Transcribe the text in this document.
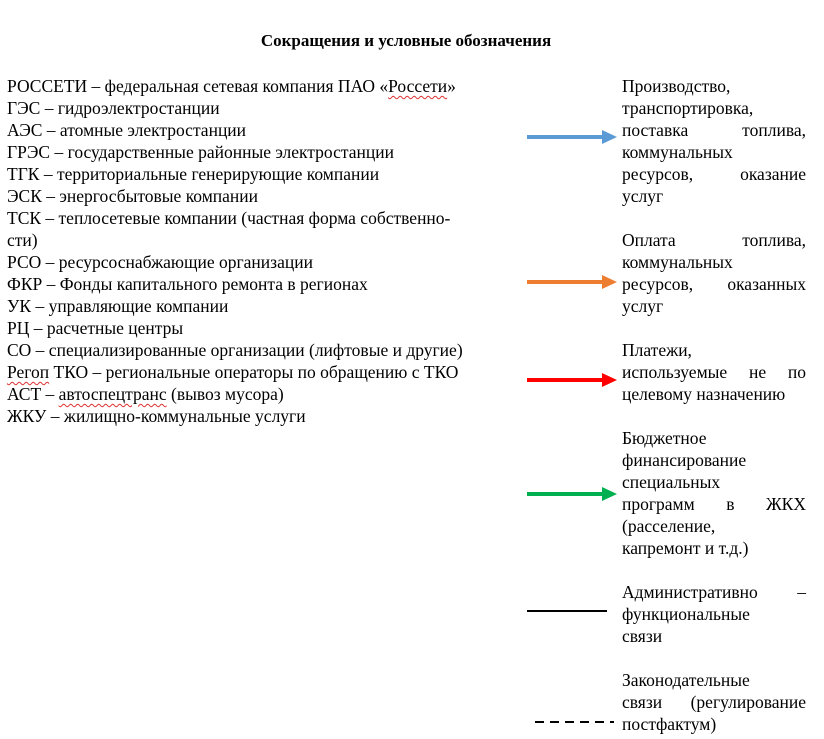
Сокращения и условные обозначения
РОССЕТИ – федеральная сетевая компания ПАО «Россети»
ГЭС – гидроэлектростанции
АЭС – атомные электростанции
ГРЭС – государственные районные электростанции
ТГК – территориальные генерирующие компании
ЭСК – энергосбытовые компании
ТСК – теплосетевые компании (частная форма собственно-
сти)
РСО – ресурсоснабжающие организации
ФКР – Фонды капитального ремонта в регионах
УК – управляющие компании
РЦ – расчетные центры
СО – специализированные организации (лифтовые и другие)
Регоп ТКО – региональные операторы по обращению с ТКО
АСТ – автоспецтранс (вывоз мусора)
ЖКУ – жилищно-коммунальные услуги
Производство,
транспортировка,
поставка топлива,
коммунальных
ресурсов, оказание
услуг
Оплата топлива,
коммунальных
ресурсов, оказанных
услуг
Платежи,
используемые не по
целевому назначению
Бюджетное
финансирование
специальных
программ в ЖКХ
(расселение,
капремонт и т.д.)
Административно –
функциональные
связи
Законодательные
связи (регулирование
постфактум)
